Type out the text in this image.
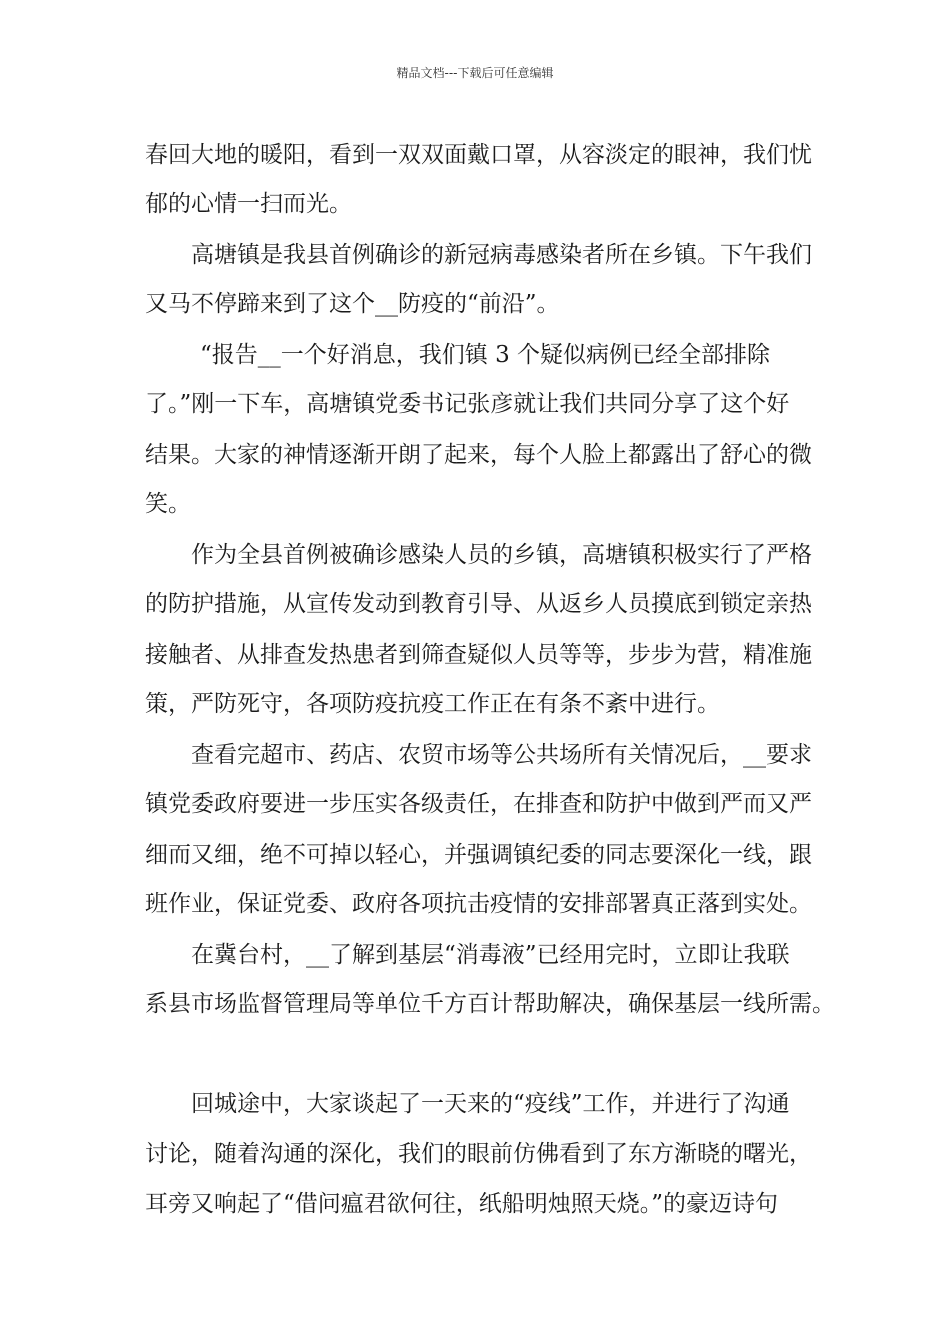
精品文档---下载后可任意编辑
春回大地的暖阳，看到一双双面戴口罩，从容淡定的眼神，我们忧
郁的心情一扫而光。
高塘镇是我县首例确诊的新冠病毒感染者所在乡镇。下午我们
又马不停蹄来到了这个__防疫的“前沿”。
“报告__一个好消息，我们镇 3 个疑似病例已经全部排除
了。”刚一下车，高塘镇党委书记张彦就让我们共同分享了这个好
结果。大家的神情逐渐开朗了起来，每个人脸上都露出了舒心的微
笑。
作为全县首例被确诊感染人员的乡镇，高塘镇积极实行了严格
的防护措施，从宣传发动到教育引导、从返乡人员摸底到锁定亲热
接触者、从排查发热患者到筛查疑似人员等等，步步为营，精准施
策，严防死守，各项防疫抗疫工作正在有条不紊中进行。
查看完超市、药店、农贸市场等公共场所有关情况后，__要求
镇党委政府要进一步压实各级责任，在排查和防护中做到严而又严
细而又细，绝不可掉以轻心，并强调镇纪委的同志要深化一线，跟
班作业，保证党委、政府各项抗击疫情的安排部署真正落到实处。
在冀台村，__了解到基层“消毒液”已经用完时，立即让我联
系县市场监督管理局等单位千方百计帮助解决，确保基层一线所需。
回城途中，大家谈起了一天来的“疫线”工作，并进行了沟通
讨论，随着沟通的深化，我们的眼前仿佛看到了东方渐晓的曙光，
耳旁又响起了“借问瘟君欲何往，纸船明烛照天烧。”的豪迈诗句
